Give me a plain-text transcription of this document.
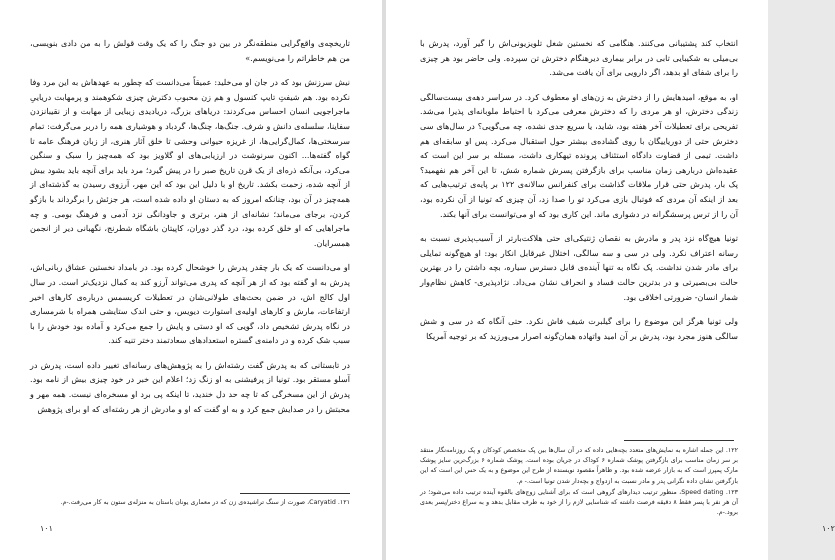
تاریخچه‌ی واقع‌گرایی منطقه‌نگر در بین دو جنگ را که یک وقت قولش را به من دادی بنویسی، من هم خاطراتم را می‌نویسم.»

نیش سرزنش بود که در جان او می‌خلید: عمیقاً می‌دانست که چطور به عهدهاش به این مرد وفا نکرده بود. هم شیفتِ تایپ کنسول و هم زن محبوب دکترش چیزی شکوهمند و پرمهابت دریاییِ ماجراجویی انسان احساس می‌کردند: دریاهای بزرگ، دریادیدی زیبایی از مهابت و از نقیبانزدن سفاینا، سلسله‌ی دانش و شرف. جنگ‌ها، چنگ‌ها، گردباد و هوشیاری همه را دربر می‌گرفت: تمام سرسختی‌ها، کمال‌گرایی‌ها، از غریزه حیوانی وحشی تا خلق آثار هنری، از زبان فرهنگ عامه تا گواه گفته‌ها... اکنون سرنوشت در ارزیابی‌های او گلاویز بود که همه‌چیز را سبک و سنگین می‌کرد، بی‌آنکه ذره‌ای از یک قرن تاریخ صبر را در پیش گیرد؛ مرد باید برای آنچه باید بشود بیش از آنچه شده، زحمت بکشد. تاریخ او با دلیل این بود که این مهر، آرزوی رسیدن به گذشته‌ای از همه‌چیز در آن بود، چنانکه امروز که به دستان او داده شده است، هر جزئش را برگرداند با بازگو کردن، برجای می‌ماند؛ نشانه‌ای از هنر، برتری و جاودانگی نزد آدمی و فرهنگ بومی. و چه ماجراهایی که او خلق کرده بود، درد گذر دوران، کاپیتان باشگاه شطرنج، نگهبانی دیر از انجمن همسرایان.

او می‌دانست که یک بار چقدر پدرش را خوشحال کرده بود. در بامداد نخستین عشاق ربانی‌اش، پدرش به او گفته بود که از هر آنچه که پدری می‌تواند آرزو کند به کمال نزدیک‌تر است. در سال اول کالج اش، در ضمن بحث‌های طولانی‌شان در تعطیلات کریسمس درباره‌ی کارهای اخیر ارتفاعات، مارش و کارهای اولیه‌ی استوارت دیویس، و حتی اندک ستایشی همراه با شرمساری در نگاه پدرش تشخیص داد، گویی که او دستی و پایش را جمع می‌کرد و آماده بود خودش را با سبب شک کرده و در دامنه‌ی گستره استعدادهای سعادتمند دختر تنیه کند.

در تابستانی که به پدرش گفت رشته‌اش را به پژوهش‌های رسانه‌ای تغییر داده است، پدرش در آسلو مستقر بود. تونیا از پرفیشنی به او زنگ زد؛ اعلام این خبر در خود چیزی بیش از نامه بود. پدرش از این مسخرگی که تا چه حد دل خندید، تا اینکه پی برد او مسخره‌ای نیست. همه مهر و محبتش را در صدایش جمع کرد و به او گفت که او و مادرش از هر رشته‌ای که او برای پژوهش

۱۲۱. Caryatid، صورت از سنگ تراشیده‌ی زن که در معماری یونان باستان به منزله‌ی ستون به کار می‌رفت.-م.

۱۰۱

انتخاب کند پشتیبانی می‌کنند. هنگامی که نخستین شغل تلویزیونی‌اش را گیر آورد، پدرش با بی‌میلی به شکیبایی تابی در برابر بیماری دیرهنگام دخترش تن سپرده. ولی حاضر بود هر چیزی را برای شفای او بدهد، اگر دارویی برای آن یافت می‌شد.

او، به موقع، امیدهایش را از دخترش به زن‌های او معطوف کرد. در سراسر دهه‌ی بیست‌سالگی زندگی دخترش، او هر مردی را که دخترش معرفی می‌کرد با احتیاط ملوبانه‌ای پذیرا می‌شد. تفریحی برای تعطیلات آخر هفته بود، شاید، یا سریع جدی نشده، چه می‌گویی؟ در سال‌های سی دخترش حتی از دوریاییگان با روی گشاده‌ی بیشتر حول استقبال می‌کرد. پس او سابقه‌ای هم داشت. تیمی از قضاوت دادگاه استئناف پرونده تیهکاری داشت، مسئله بر سر این است که عقیده‌اش دربارهی زمان مناسب برای بازگرفتن پسرش شماره شش، تا این آخر هم نفهمید؟ پک بار، پدرش حتی قرار ملاقات گذاشت برای کنفرانس سالانه‌ی ۱۲۲ بر پایه‌ی ترتیب‌هایی که بعد از اینکه آن مردی که فوتبال بازی می‌کرد تو را صدا زد، آن چیزی که تونیا از آن نکرده بود، آن را از ترس پرسشگرانه در دشواری ماند. این کاری بود که او می‌توانست برای آنها بکند.

تونیا هیچ‌گاه نزد پدر و مادرش به نقصان ژنتیکی‌ای حتی هلاکت‌بارتر از آسیب‌پذیری نسبت به رسانه اعتراف نکرد. ولی در سی و سه سالگی، اختلال غیرقابل انکار بود: او هیچ‌گونه تمایلی برای مادر شدن نداشت. پک نگاه به تنها آینده‌ی قابل دسترس سیاره، بچه داشتن را در بهترین حالت بی‌بصیرتی و در بدترین حالت فساد و انحراف نشان می‌داد. نژادپذیری- کاهش نظام‌وار شمار انسان- ضرورتی اخلاقی بود.

ولی تونیا هرگز این موضوع را برای گیلبرت شیف فاش نکرد. حتی آنگاه که در سی و شش سالگی هنوز مجرد بود، پدرش بر آن امید واتهاده همان‌گونه اصرار می‌ورزید که بر توجیه آمریکا

۱۲۲. این جمله اشاره به نمایش‌های متعدد بچه‌هایی داده که در آن سال‌ها بین پک متخصص کودکان و پک روزنامه‌نگار منتقد بر سر زمان مناسب برای بازگرفتن پوشک شماره ۶ کوداک در جریان بوده است. پوشک شماره ۶ بزرگ‌ترین سایز پوشک مارک پمپرز است که به بازار عرضه شده بود. و ظاهراً مقصود نویسنده از طرح این موضوع و به یک حس این است که این بازگرفتن نشان داده نگرانی پدر و مادر نسبت به ازدواج و بچه‌دار شدن تونیا است.- م.

۱۲۳. Speed dating، منظور ترتیب دیدارهای گروهی است که برای آشنایی زوج‌های بالقوه آینده ترتیب داده می‌شود؛ در آن هر نفر با پسر فقط ۸ دقیقه فرصت داشته که شناسایی لازم را از خود به طرف مقابل بدهد و به سراغ دختر/پسر بعدی برود.-م.

۱۰۲
